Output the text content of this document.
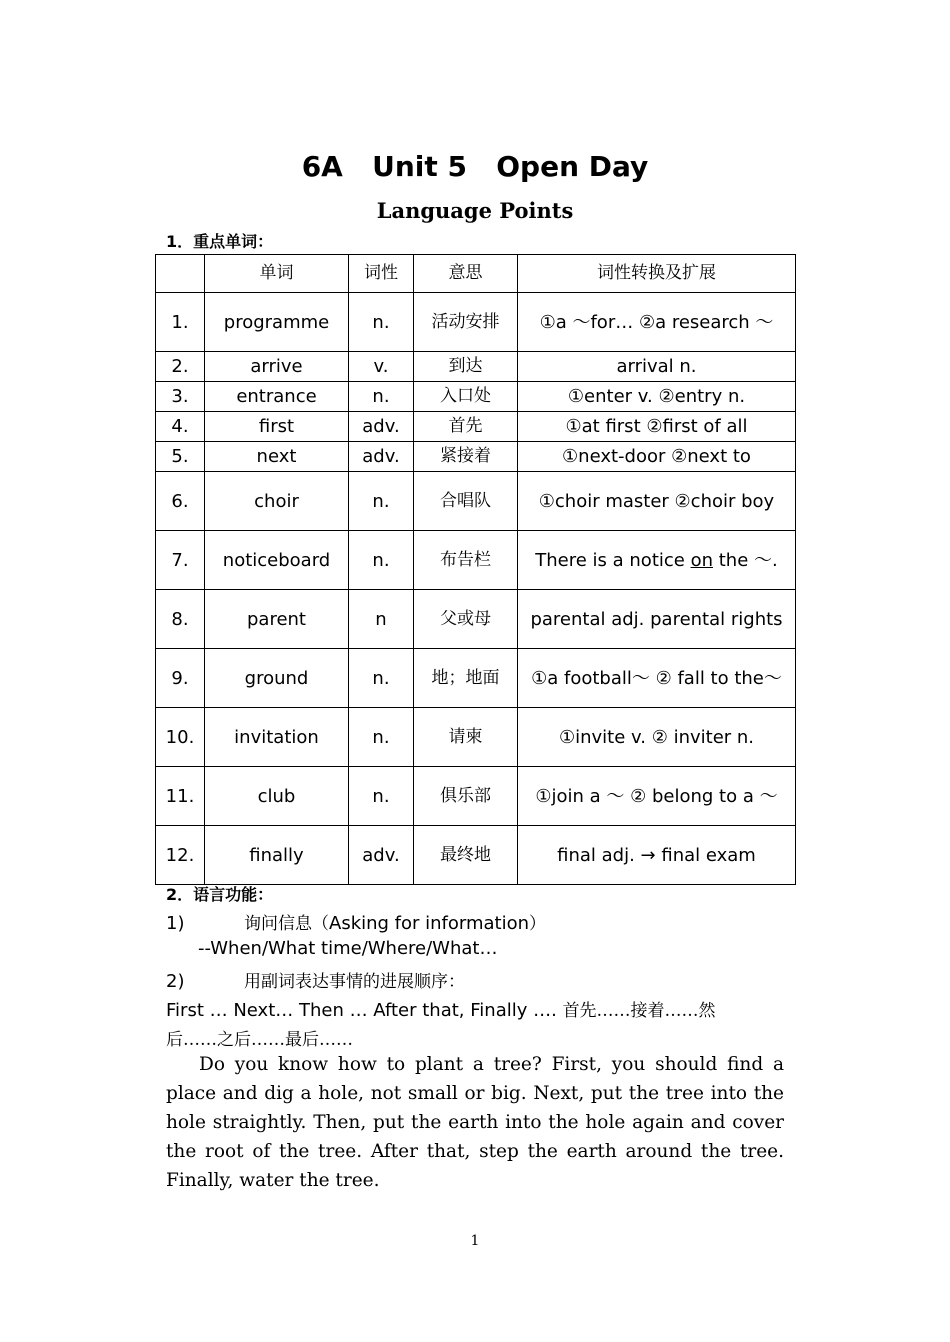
6A   Unit 5   Open Day
Language Points
1．重点单词：
	单词	词性	意思	词性转换及扩展
1.	programme	n.	活动安排	①a ～for… ②a research ～
2.	arrive	v.	到达	arrival n.
3.	entrance	n.	入口处	①enter v. ②entry n.
4.	first	adv.	首先	①at first ②first of all
5.	next	adv.	紧接着	①next-door ②next to
6.	choir	n.	合唱队	①choir master ②choir boy
7.	noticeboard	n.	布告栏	There is a notice on the ～.
8.	parent	n	父或母	parental adj. parental rights
9.	ground	n.	地；地面	①a football～ ② fall to the～
10.	invitation	n.	请柬	①invite v. ② inviter n.
11.	club	n.	俱乐部	①join a ～ ② belong to a ～
12.	finally	adv.	最终地	final adj. → final exam
2．语言功能：
1)	询问信息（Asking for information）
--When/What time/Where/What…
2)	用副词表达事情的进展顺序：
First … Next… Then … After that, Finally …. 首先……接着……然
后……之后……最后……
Do you know how to plant a tree? First, you should find a place and dig a hole, not small or big. Next, put the tree into the hole straightly. Then, put the earth into the hole again and cover the root of the tree. After that, step the earth around the tree. Finally, water the tree.
1
